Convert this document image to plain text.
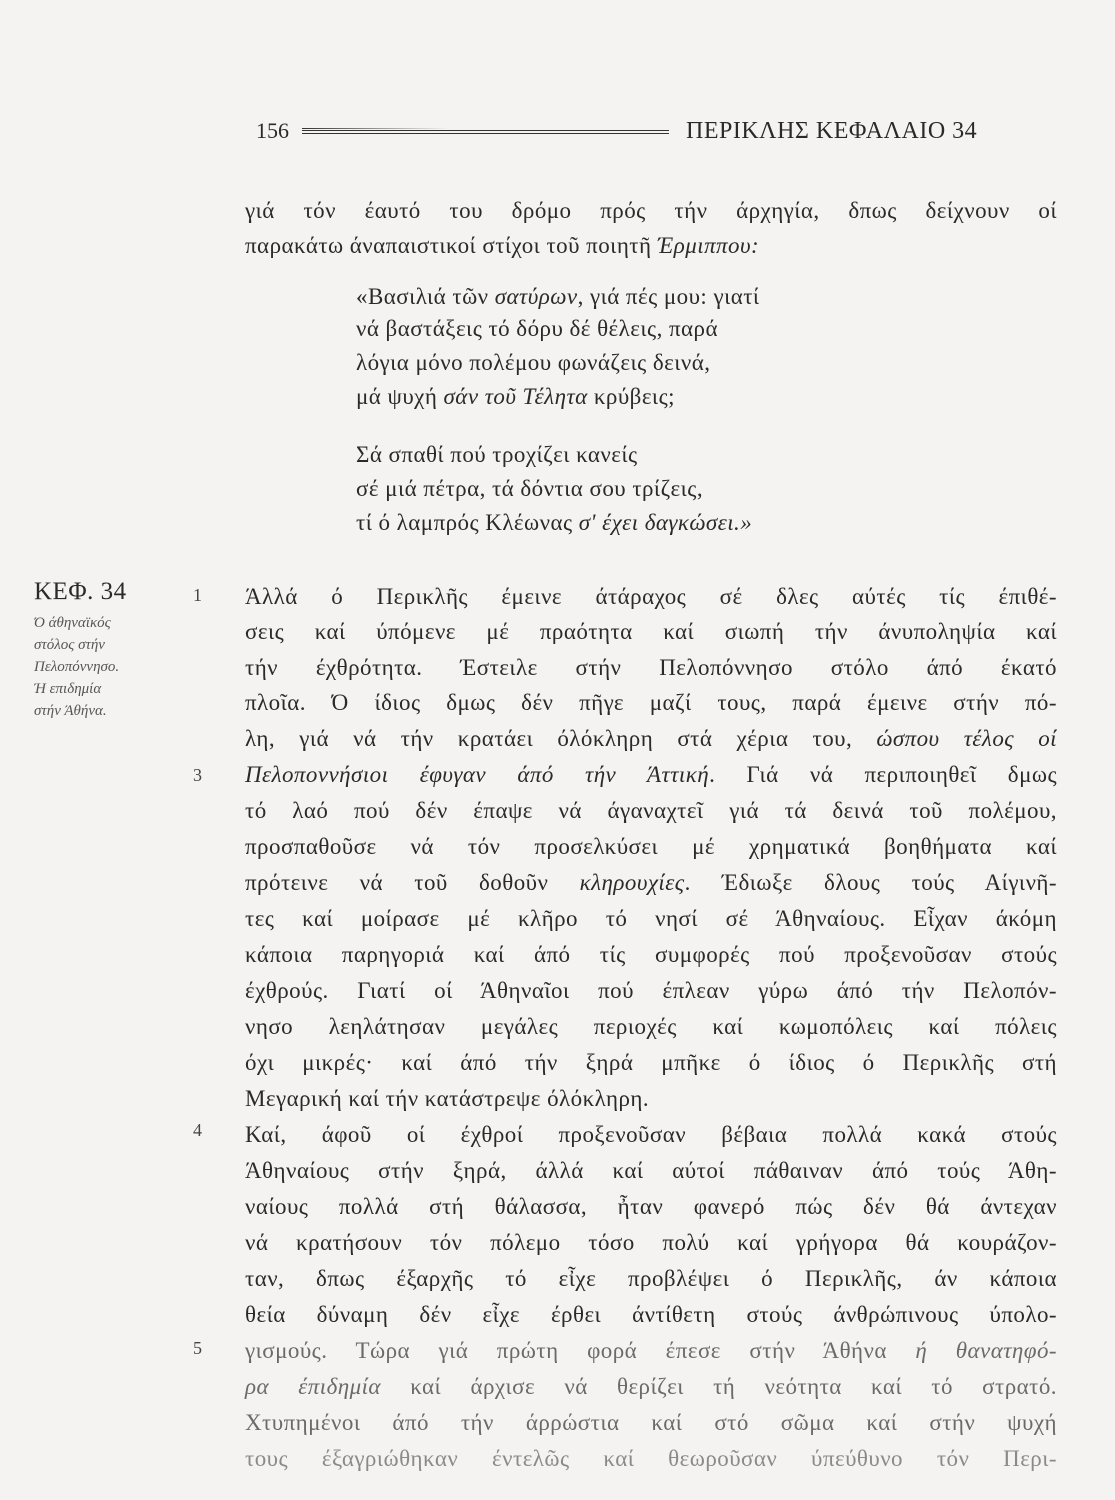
156	ΠΕΡΙΚΛΗΣ ΚΕΦΑΛΑΙΟ 34
γιά τόν έαυτό του δρόμο πρός τήν άρχηγία, δπως δείχνουν οί
παρακάτω άναπαιστικοί στίχοι τοῦ ποιητῆ Έρμιππου:
«Βασιλιά τῶν σατύρων, γιά πές μου: γιατί
νά βαστάξεις τό δόρυ δέ θέλεις, παρά
λόγια μόνο πολέμου φωνάζεις δεινά,
μά ψυχή σάν τοῦ Τέλητα κρύβεις;
Σά σπαθί πού τροχίζει κανείς
σέ μιά πέτρα, τά δόντια σου τρίζεις,
τί ό λαμπρός Κλέωνας σ' έχει δαγκώσει.»
ΚΕΦ. 34
Ό άθηναϊκός
στόλος στήν
Πελοπόννησο.
Ή επιδημία
στήν Άθήνα.
1
3
4
5
Άλλά ό Περικλῆς έμεινε άτάραχος σέ δλες αύτές τίς έπιθέ-
σεις καί ύπόμενε μέ πραότητα καί σιωπή τήν άνυποληψία καί
τήν έχθρότητα. Έστειλε στήν Πελοπόννησο στόλο άπό έκατό
πλοῖα. Ό ίδιος δμως δέν πῆγε μαζί τους, παρά έμεινε στήν πό-
λη, γιά νά τήν κρατάει όλόκληρη στά χέρια του, ώσπου τέλος οί
Πελοποννήσιοι έφυγαν άπό τήν Άττική. Γιά νά περιποιηθεῖ δμως
τό λαό πού δέν έπαψε νά άγαναχτεῖ γιά τά δεινά τοῦ πολέμου,
προσπαθοῦσε νά τόν προσελκύσει μέ χρηματικά βοηθήματα καί
πρότεινε νά τοῦ δοθοῦν κληρουχίες. Έδιωξε δλους τούς Αίγινῆ-
τες καί μοίρασε μέ κλῆρο τό νησί σέ Άθηναίους. Εἶχαν άκόμη
κάποια παρηγοριά καί άπό τίς συμφορές πού προξενοῦσαν στούς
έχθρούς. Γιατί οί Άθηναῖοι πού έπλεαν γύρω άπό τήν Πελοπόν-
νησο λεηλάτησαν μεγάλες περιοχές καί κωμοπόλεις καί πόλεις
όχι μικρές· καί άπό τήν ξηρά μπῆκε ό ίδιος ό Περικλῆς στή
Μεγαρική καί τήν κατάστρεψε όλόκληρη.
Καί, άφοῦ οί έχθροί προξενοῦσαν βέβαια πολλά κακά στούς
Άθηναίους στήν ξηρά, άλλά καί αύτοί πάθαιναν άπό τούς Άθη-
ναίους πολλά στή θάλασσα, ἦταν φανερό πώς δέν θά άντεχαν
νά κρατήσουν τόν πόλεμο τόσο πολύ καί γρήγορα θά κουράζον-
ταν, δπως έξαρχῆς τό εἶχε προβλέψει ό Περικλῆς, άν κάποια
θεία δύναμη δέν εἶχε έρθει άντίθετη στούς άνθρώπινους ύπολο-
γισμούς. Τώρα γιά πρώτη φορά έπεσε στήν Άθήνα ή θανατηφό-
ρα έπιδημία καί άρχισε νά θερίζει τή νεότητα καί τό στρατό.
Χτυπημένοι άπό τήν άρρώστια καί στό σῶμα καί στήν ψυχή
τους έξαγριώθηκαν έντελῶς καί θεωροῦσαν ύπεύθυνο τόν Περι-
